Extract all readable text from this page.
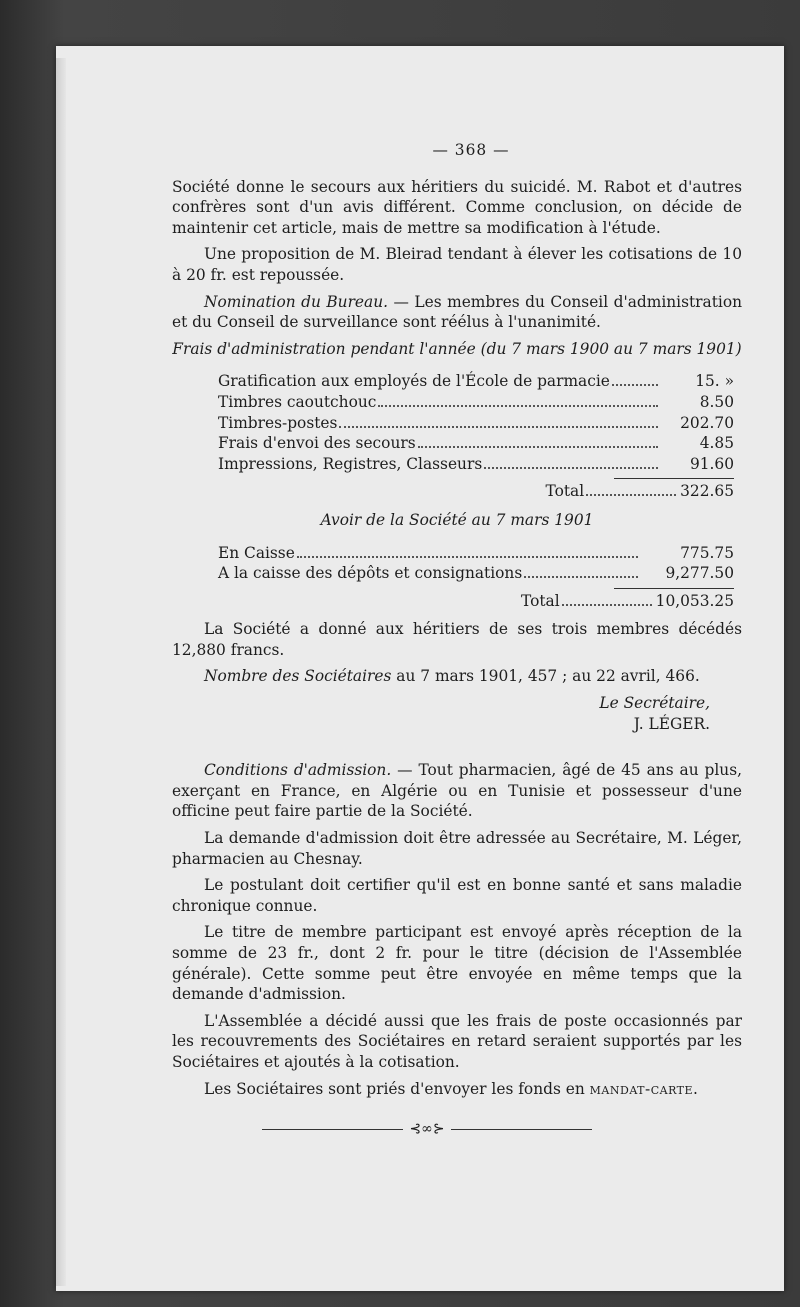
— 368 —

Société donne le secours aux héritiers du suicidé. M. Rabot et d'autres confrères sont d'un avis différent. Comme conclusion, on décide de maintenir cet article, mais de mettre sa modification à l'étude.

Une proposition de M. Bleirad tendant à élever les cotisations de 10 à 20 fr. est repoussée.

Nomination du Bureau. — Les membres du Conseil d'administration et du Conseil de surveillance sont réélus à l'unanimité.

Frais d'administration pendant l'année (du 7 mars 1900 au 7 mars 1901)
Gratification aux employés de l'École de parmacie	15. »
Timbres caoutchouc	8.50
Timbres-postes	202.70
Frais d'envoi des secours	4.85
Impressions, Registres, Classeurs	91.60
Total	322.65
Avoir de la Société au 7 mars 1901
En Caisse	775.75
A la caisse des dépôts et consignations	9,277.50
Total	10,053.25

La Société a donné aux héritiers de ses trois membres décédés 12,880 francs.

Nombre des Sociétaires au 7 mars 1901, 457 ; au 22 avril, 466.

Le Secrétaire,
J. LÉGER.

Conditions d'admission. — Tout pharmacien, âgé de 45 ans au plus, exerçant en France, en Algérie ou en Tunisie et possesseur d'une officine peut faire partie de la Société.

La demande d'admission doit être adressée au Secrétaire, M. Léger, pharmacien au Chesnay.

Le postulant doit certifier qu'il est en bonne santé et sans maladie chronique connue.

Le titre de membre participant est envoyé après réception de la somme de 23 fr., dont 2 fr. pour le titre (décision de l'Assemblée générale). Cette somme peut être envoyée en même temps que la demande d'admission.

L'Assemblée a décidé aussi que les frais de poste occasionnés par les recouvrements des Sociétaires en retard seraient supportés par les Sociétaires et ajoutés à la cotisation.

Les Sociétaires sont priés d'envoyer les fonds en mandat-carte.

⊰∞⊱
